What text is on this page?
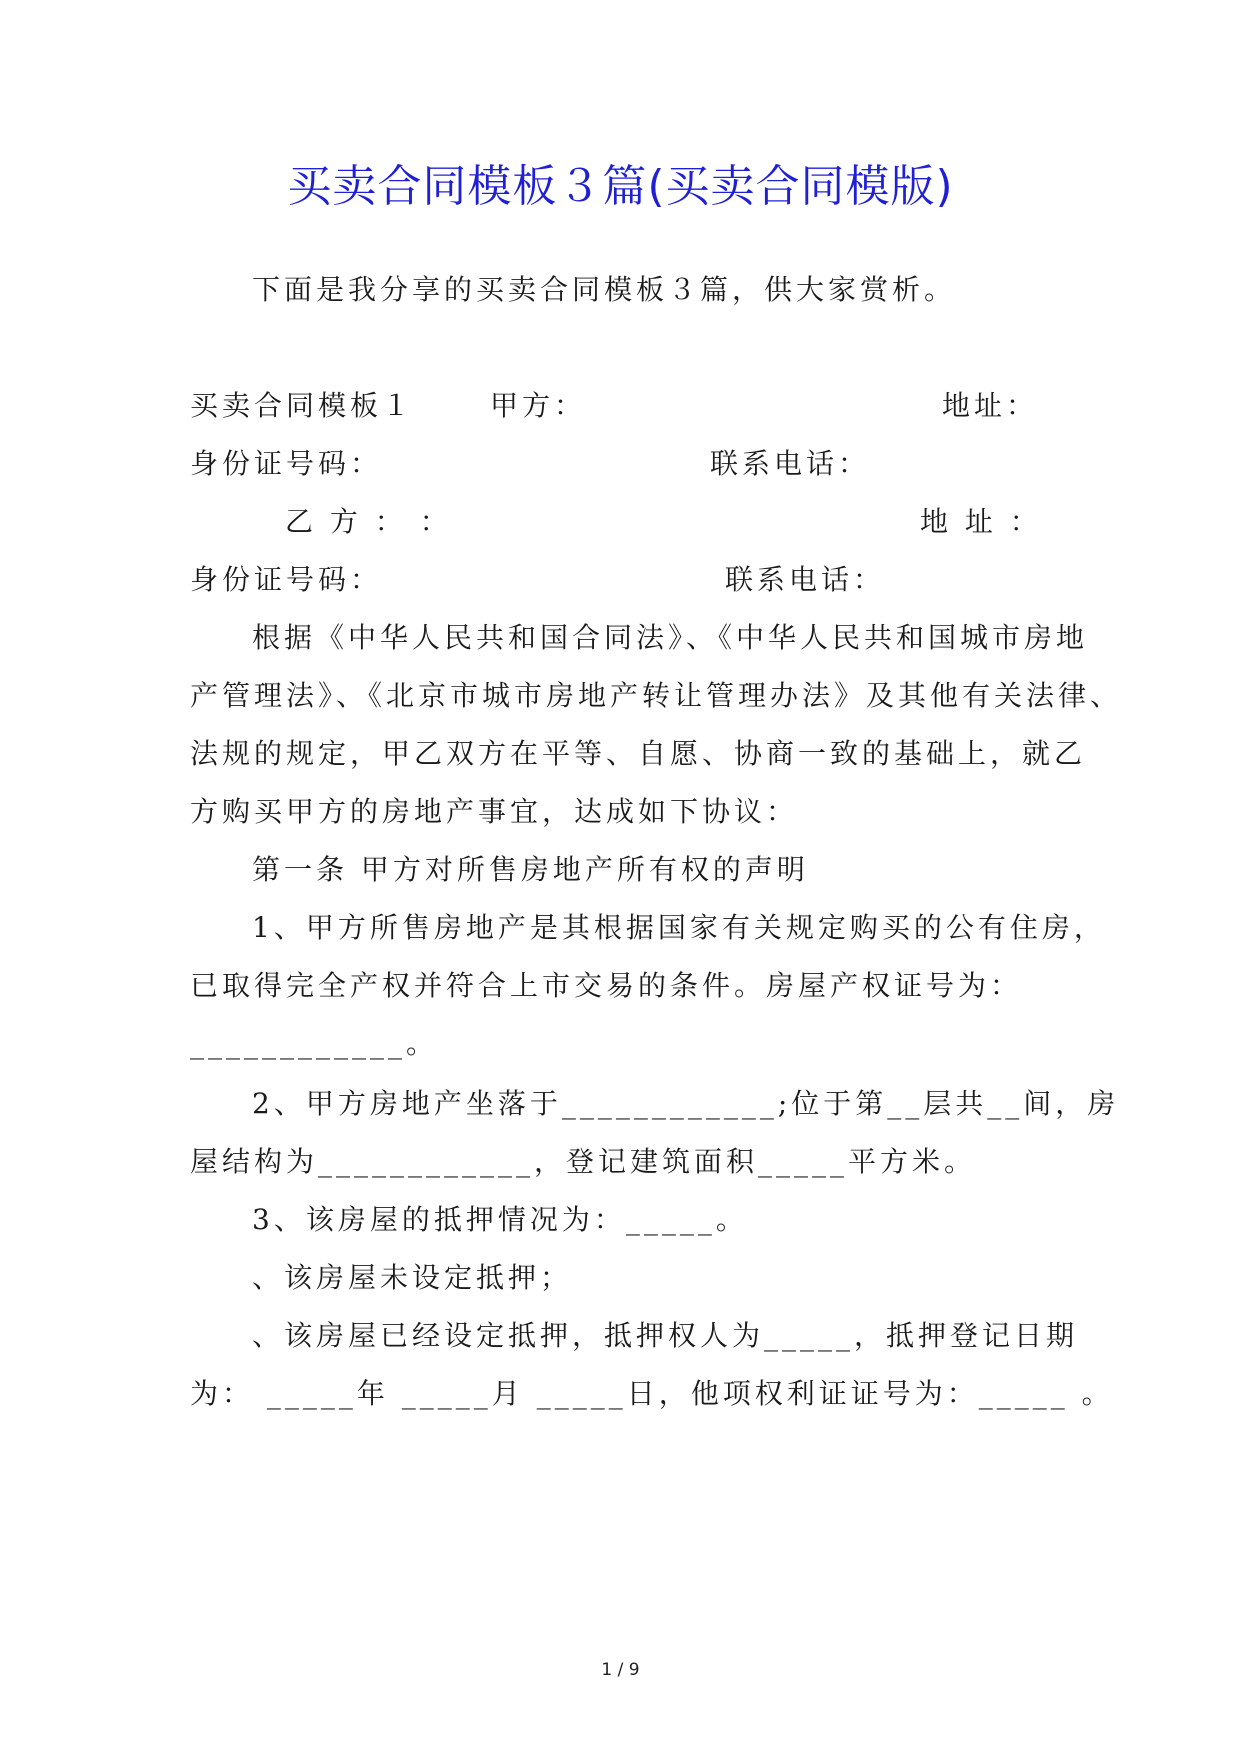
买卖合同模板３篇(买卖合同模版)
下面是我分享的买卖合同模板３篇，供大家赏析。
买卖合同模板１	甲方：	地址：
身份证号码：	联系电话：
乙 方 ： ：	地 址 ：
身份证号码：	联系电话：
根据《中华人民共和国合同法》、《中华人民共和国城市房地
产管理法》、《北京市城市房地产转让管理办法》及其他有关法律、
法规的规定，甲乙双方在平等、自愿、协商一致的基础上，就乙
方购买甲方的房地产事宜，达成如下协议：
第一条 甲方对所售房地产所有权的声明
1、甲方所售房地产是其根据国家有关规定购买的公有住房，
已取得完全产权并符合上市交易的条件。房屋产权证号为：
____________。
2、甲方房地产坐落于____________;位于第__层共__间，房
屋结构为____________，登记建筑面积_____平方米。
3、该房屋的抵押情况为：_____。
、该房屋未设定抵押；
、该房屋已经设定抵押，抵押权人为_____，抵押登记日期
为： _____年 _____月 _____日，他项权利证证号为：_____ 。
1 / 9
